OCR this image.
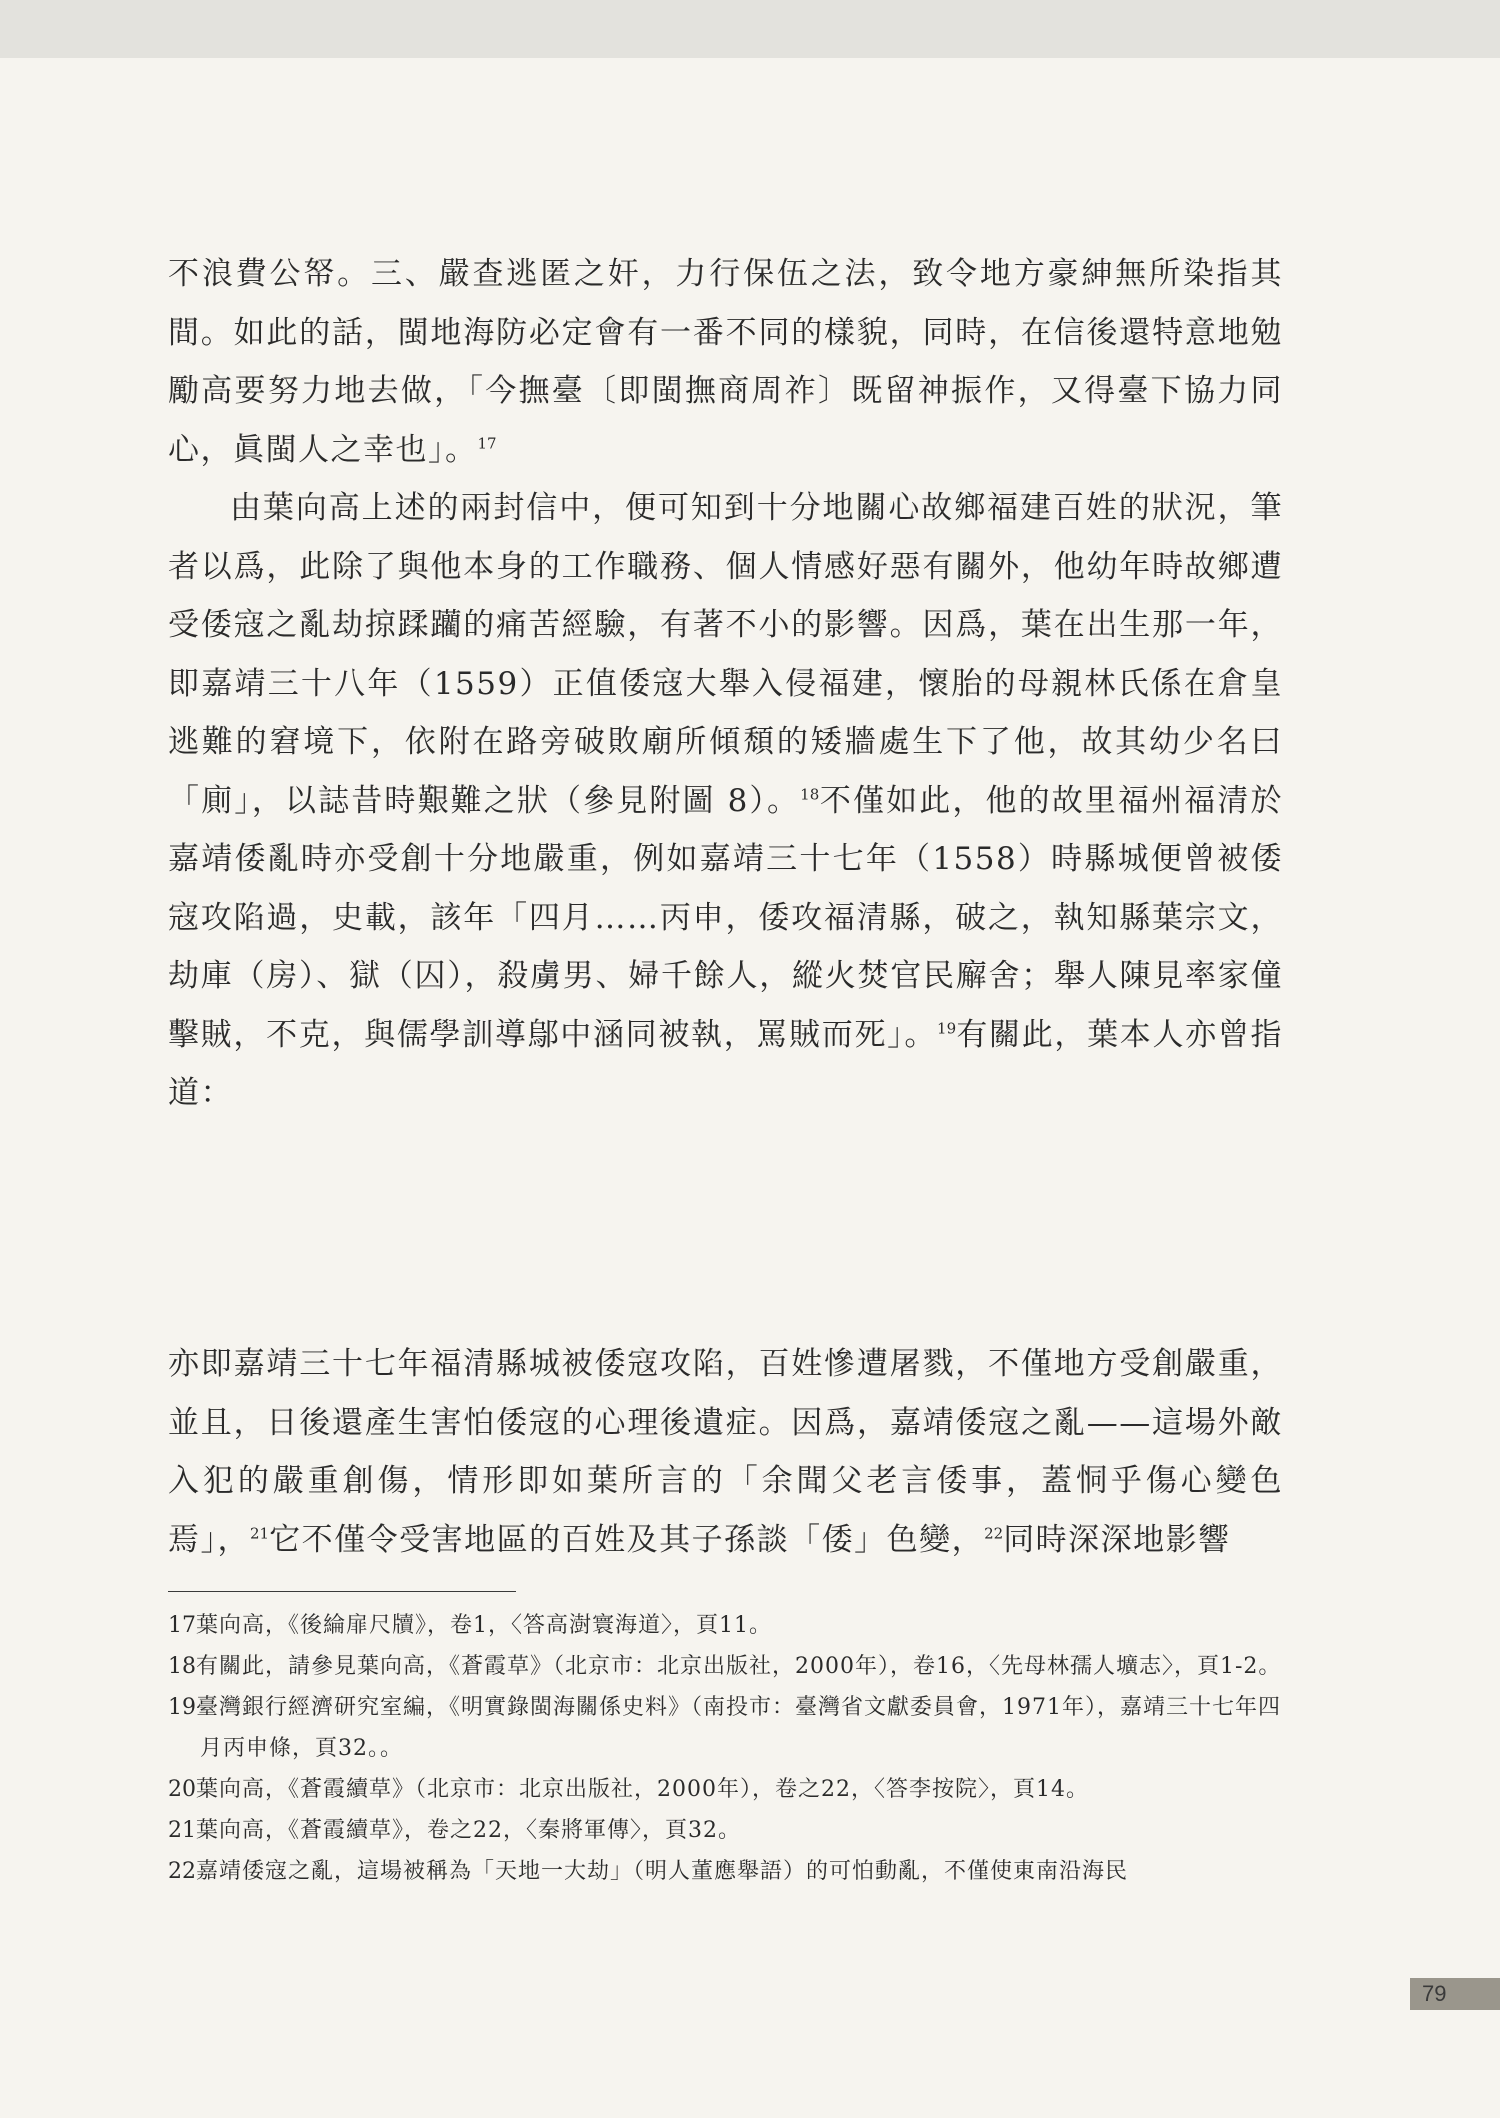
不浪費公帑。三、嚴查逃匿之奸，力行保伍之法，致令地方豪紳無所染指其間。如此的話，閩地海防必定會有一番不同的樣貌，同時，在信後還特意地勉勵高要努力地去做，「今撫臺〔即閩撫商周祚〕既留神振作，又得臺下協力同心，眞閩人之幸也」。$^{17}$

由葉向高上述的兩封信中，便可知到十分地關心故鄉福建百姓的狀況，筆者以爲，此除了與他本身的工作職務、個人情感好惡有關外，他幼年時故鄉遭受倭寇之亂劫掠蹂躪的痛苦經驗，有著不小的影響。因爲，葉在出生那一年，即嘉靖三十八年（1559）正值倭寇大舉入侵福建，懷胎的母親林氏係在倉皇逃難的窘境下，依附在路旁破敗廟所傾頹的矮牆處生下了他，故其幼少名曰「廁」，以誌昔時艱難之狀（參見附圖 8）。$^{18}$不僅如此，他的故里福州福清於嘉靖倭亂時亦受創十分地嚴重，例如嘉靖三十七年（1558）時縣城便曾被倭寇攻陷過，史載，該年「四月……丙申，倭攻福清縣，破之，執知縣葉宗文，劫庫（房）、獄（囚），殺虜男、婦千餘人，縱火焚官民廨舍；舉人陳見率家僮擊賊，不克，與儒學訓導鄔中涵同被執，罵賊而死」。$^{19}$有關此，葉本人亦曾指道：

亦即嘉靖三十七年福清縣城被倭寇攻陷，百姓慘遭屠戮，不僅地方受創嚴重，並且，日後還產生害怕倭寇的心理後遺症。因爲，嘉靖倭寇之亂——這場外敵入犯的嚴重創傷，情形即如葉所言的「余聞父老言倭事，蓋恫乎傷心變色焉」，$^{21}$它不僅令受害地區的百姓及其子孫談「倭」色變，$^{22}$同時深深地影響

17葉向高，《後綸扉尺牘》，卷1，〈答高澍寰海道〉，頁11。

18有關此，請參見葉向高，《蒼霞草》（北京市：北京出版社，2000年），卷16，〈先母林孺人壙志〉，頁1-2。

19臺灣銀行經濟研究室編，《明實錄閩海關係史料》（南投市：臺灣省文獻委員會，1971年），嘉靖三十七年四月丙申條，頁32。。

20葉向高，《蒼霞續草》（北京市：北京出版社，2000年），卷之22，〈答李按院〉，頁14。

21葉向高，《蒼霞續草》，卷之22，〈秦將軍傳〉，頁32。

22嘉靖倭寇之亂，這場被稱為「天地一大劫」（明人董應舉語）的可怕動亂，不僅使東南沿海民

79
